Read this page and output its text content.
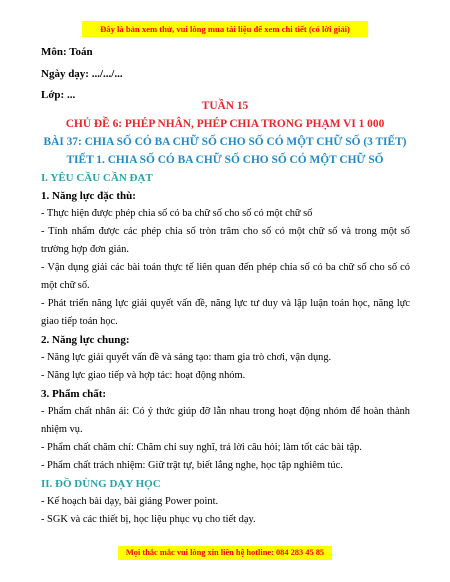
Đây là bản xem thử, vui lòng mua tài liệu để xem chi tiết (có lời giải)
Môn: Toán
Ngày dạy: .../.../...
Lớp: ...
TUẦN 15
CHỦ ĐỀ 6: PHÉP NHÂN, PHÉP CHIA TRONG PHẠM VI 1 000
BÀI 37: CHIA SỐ CÓ BA CHỮ SỐ CHO SỐ CÓ MỘT CHỮ SỐ (3 TIẾT)
TIẾT 1. CHIA SỐ CÓ BA CHỮ SỐ CHO SỐ CÓ MỘT CHỮ SỐ
I. YÊU CẦU CẦN ĐẠT
1. Năng lực đặc thù:
- Thực hiện được phép chia số có ba chữ số cho số có một chữ số
- Tính nhẩm được các phép chia số tròn trăm cho số có một chữ số và trong một số
trường hợp đơn giản.
- Vận dụng giải các bài toán thực tế liên quan đến phép chia số có ba chữ số cho số có
một chữ số.
- Phát triển năng lực giải quyết vấn đề, năng lực tư duy và lập luận toán học, năng lực
giao tiếp toán học.
2. Năng lực chung:
- Năng lực giải quyết vấn đề và sáng tạo: tham gia trò chơi, vận dụng.
- Năng lực giao tiếp và hợp tác: hoạt động nhóm.
3. Phẩm chất:
- Phẩm chất nhân ái: Có ý thức giúp đỡ lẫn nhau trong hoạt động nhóm để hoàn thành
nhiệm vụ.
- Phẩm chất chăm chỉ: Chăm chỉ suy nghĩ, trả lời câu hỏi; làm tốt các bài tập.
- Phẩm chất trách nhiệm: Giữ trật tự, biết lắng nghe, học tập nghiêm túc.
II. ĐỒ DÙNG DẠY HỌC
- Kế hoạch bài dạy, bài giảng Power point.
- SGK và các thiết bị, học liệu phục vụ cho tiết dạy.
Mọi thắc mắc vui lòng xin liên hệ hotline: 084 283 45 85
